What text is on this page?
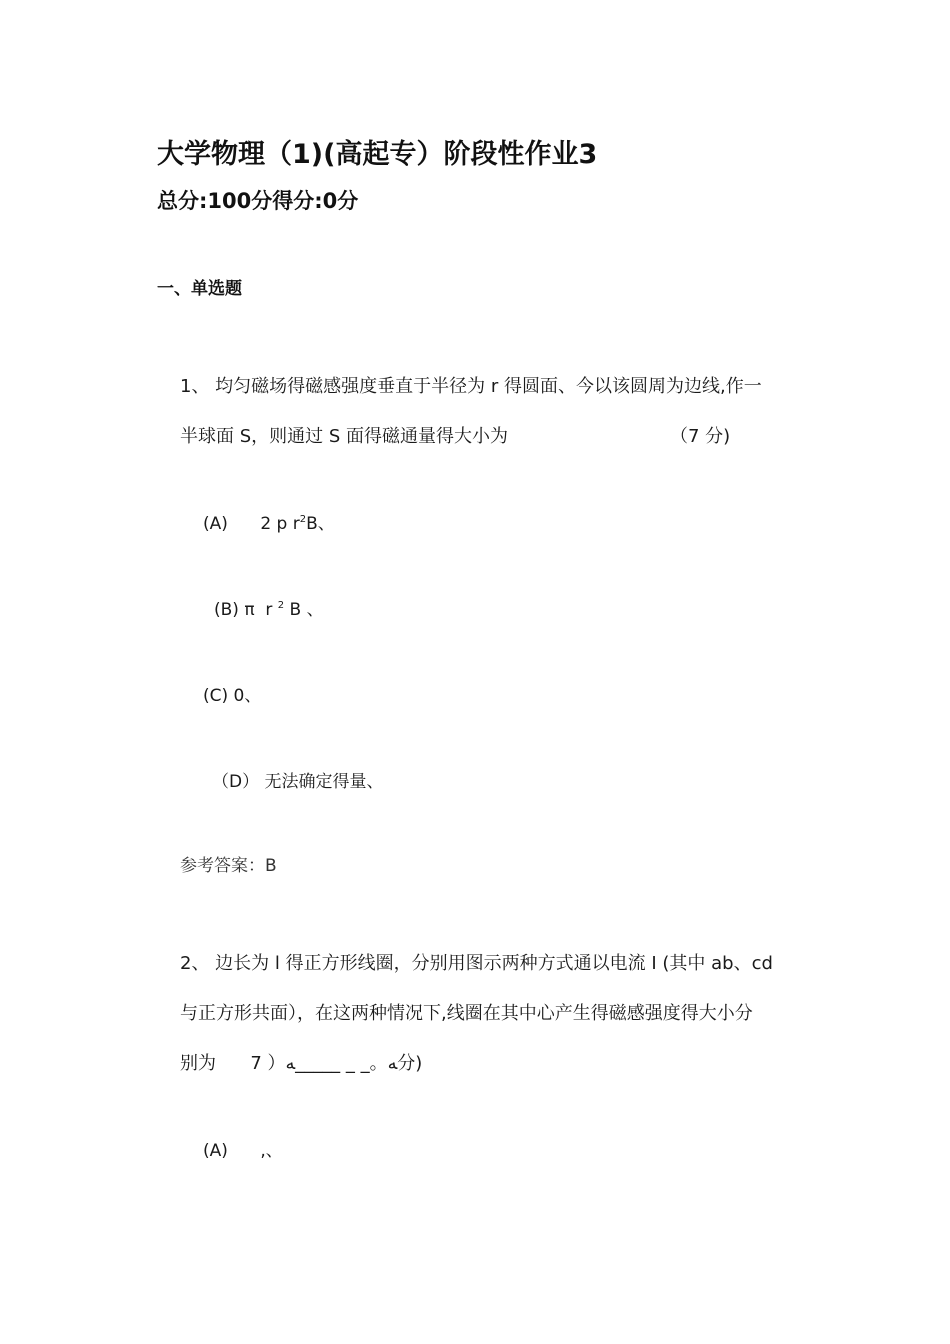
大学物理（1)(高起专）阶段性作业3
总分:100分得分:0分
一、单选题
1、 均匀磁场得磁感强度垂直于半径为 r 得圆面、今以该圆周为边线,作一
半球面 S，则通过 S 面得磁通量得大小为	（7 分)
(A)      2 p $r^2B$、
(B) π  r $^2$ B 、
(C) 0、
（D） 无法确定得量、
参考答案：B
2、 边长为 l 得正方形线圈，分别用图示两种方式通以电流 I (其中 ab、cd
与正方形共面），在这两种情况下,线圈在其中心产生得磁感强度得大小分
别为      7 ）ﻪ。_ _ _____ﻪ分)
(A)      ,、
